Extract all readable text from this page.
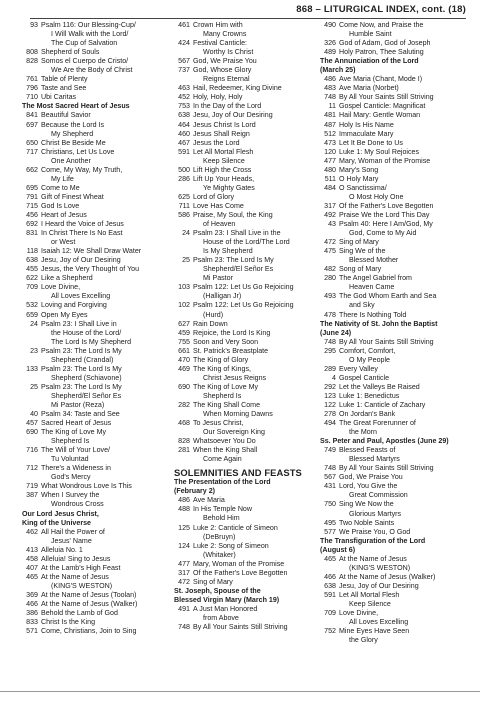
868 – LITURGICAL INDEX, cont. (18)
93 Psalm 116: Our Blessing-Cup/
I Will Walk with the Lord/
The Cup of Salvation
808 Shepherd of Souls
828 Somos el Cuerpo de Cristo/
We Are the Body of Christ
761 Table of Plenty
796 Taste and See
710 Ubi Caritas
The Most Sacred Heart of Jesus
841 Beautiful Savior
697 Because the Lord Is
My Shepherd
650 Christ Be Beside Me
717 Christians, Let Us Love
One Another
662 Come, My Way, My Truth,
My Life
695 Come to Me
791 Gift of Finest Wheat
715 God Is Love
456 Heart of Jesus
692 I Heard the Voice of Jesus
831 In Christ There Is No East
or West
118 Isaiah 12: We Shall Draw Water
638 Jesu, Joy of Our Desiring
455 Jesus, the Very Thought of You
622 Like a Shepherd
709 Love Divine,
All Loves Excelling
532 Loving and Forgiving
659 Open My Eyes
24 Psalm 23: I Shall Live in
the House of the Lord/
The Lord Is My Shepherd
23 Psalm 23: The Lord Is My
Shepherd (Crandal)
133 Psalm 23: The Lord Is My
Shepherd (Schiavone)
25 Psalm 23: The Lord Is My
Shepherd/El Señor Es
Mi Pastor (Reza)
40 Psalm 34: Taste and See
457 Sacred Heart of Jesus
690 The King of Love My
Shepherd Is
716 The Will of Your Love/
Tu Voluntad
712 There's a Wideness in
God's Mercy
719 What Wondrous Love Is This
387 When I Survey the
Wondrous Cross
Our Lord Jesus Christ,
King of the Universe
462 All Hail the Power of
Jesus' Name
413 Alleluia No. 1
458 Alleluia! Sing to Jesus
407 At the Lamb's High Feast
465 At the Name of Jesus
(KING'S WESTON)
369 At the Name of Jesus (Toolan)
466 At the Name of Jesus (Walker)
386 Behold the Lamb of God
833 Christ Is the King
571 Come, Christians, Join to Sing
461 Crown Him with
Many Crowns
424 Festival Canticle:
Worthy Is Christ
567 God, We Praise You
737 God, Whose Glory
Reigns Eternal
463 Hail, Redeemer, King Divine
452 Holy, Holy, Holy
753 In the Day of the Lord
638 Jesu, Joy of Our Desiring
464 Jesus Christ Is Lord
460 Jesus Shall Reign
467 Jesus the Lord
591 Let All Mortal Flesh
Keep Silence
500 Lift High the Cross
286 Lift Up Your Heads,
Ye Mighty Gates
625 Lord of Glory
711 Love Has Come
586 Praise, My Soul, the King
of Heaven
24 Psalm 23: I Shall Live in the
House of the Lord/The Lord
Is My Shepherd
25 Psalm 23: The Lord Is My
Shepherd/El Señor Es
Mi Pastor
103 Psalm 122: Let Us Go Rejoicing
(Halligan Jr)
102 Psalm 122: Let Us Go Rejoicing
(Hurd)
627 Rain Down
459 Rejoice, the Lord Is King
755 Soon and Very Soon
661 St. Patrick's Breastplate
470 The King of Glory
469 The King of Kings,
Christ Jesus Reigns
690 The King of Love My
Shepherd Is
282 The King Shall Come
When Morning Dawns
468 To Jesus Christ,
Our Sovereign King
828 Whatsoever You Do
281 When the King Shall
Come Again
SOLEMNITIES AND FEASTS
The Presentation of the Lord
(February 2)
486 Ave Maria
488 In His Temple Now
Behold Him
125 Luke 2: Canticle of Simeon
(DeBruyn)
124 Luke 2: Song of Simeon
(Whitaker)
477 Mary, Woman of the Promise
317 Of the Father's Love Begotten
472 Sing of Mary
St. Joseph, Spouse of the
Blessed Virgin Mary (March 19)
491 A Just Man Honored
from Above
748 By All Your Saints Still Striving
490 Come Now, and Praise the
Humble Saint
326 God of Adam, God of Joseph
489 Holy Patron, Thee Saluting
The Annunciation of the Lord
(March 25)
486 Ave Maria (Chant, Mode I)
483 Ave Maria (Norbet)
748 By All Your Saints Still Striving
11 Gospel Canticle: Magnificat
481 Hail Mary: Gentle Woman
487 Holy Is His Name
512 Immaculate Mary
473 Let It Be Done to Us
120 Luke 1: My Soul Rejoices
477 Mary, Woman of the Promise
480 Mary's Song
511 O Holy Mary
484 O Sanctissima/
O Most Holy One
317 Of the Father's Love Begotten
492 Praise We the Lord This Day
43 Psalm 40: Here I Am/God, My
God, Come to My Aid
472 Sing of Mary
475 Sing We of the
Blessed Mother
482 Song of Mary
280 The Angel Gabriel from
Heaven Came
493 The God Whom Earth and Sea
and Sky
478 There Is Nothing Told
The Nativity of St. John the Baptist
(June 24)
748 By All Your Saints Still Striving
295 Comfort, Comfort,
O My People
289 Every Valley
4 Gospel Canticle
292 Let the Valleys Be Raised
123 Luke 1: Benedictus
122 Luke 1: Canticle of Zachary
278 On Jordan's Bank
494 The Great Forerunner of
the Morn
Ss. Peter and Paul, Apostles (June 29)
749 Blessed Feasts of
Blessed Martyrs
748 By All Your Saints Still Striving
567 God, We Praise You
431 Lord, You Give the
Great Commission
750 Sing We Now the
Glorious Martyrs
495 Two Noble Saints
577 We Praise You, O God
The Transfiguration of the Lord
(August 6)
465 At the Name of Jesus
(KING'S WESTON)
466 At the Name of Jesus (Walker)
638 Jesu, Joy of Our Desiring
591 Let All Mortal Flesh
Keep Silence
709 Love Divine,
All Loves Excelling
752 Mine Eyes Have Seen
the Glory
